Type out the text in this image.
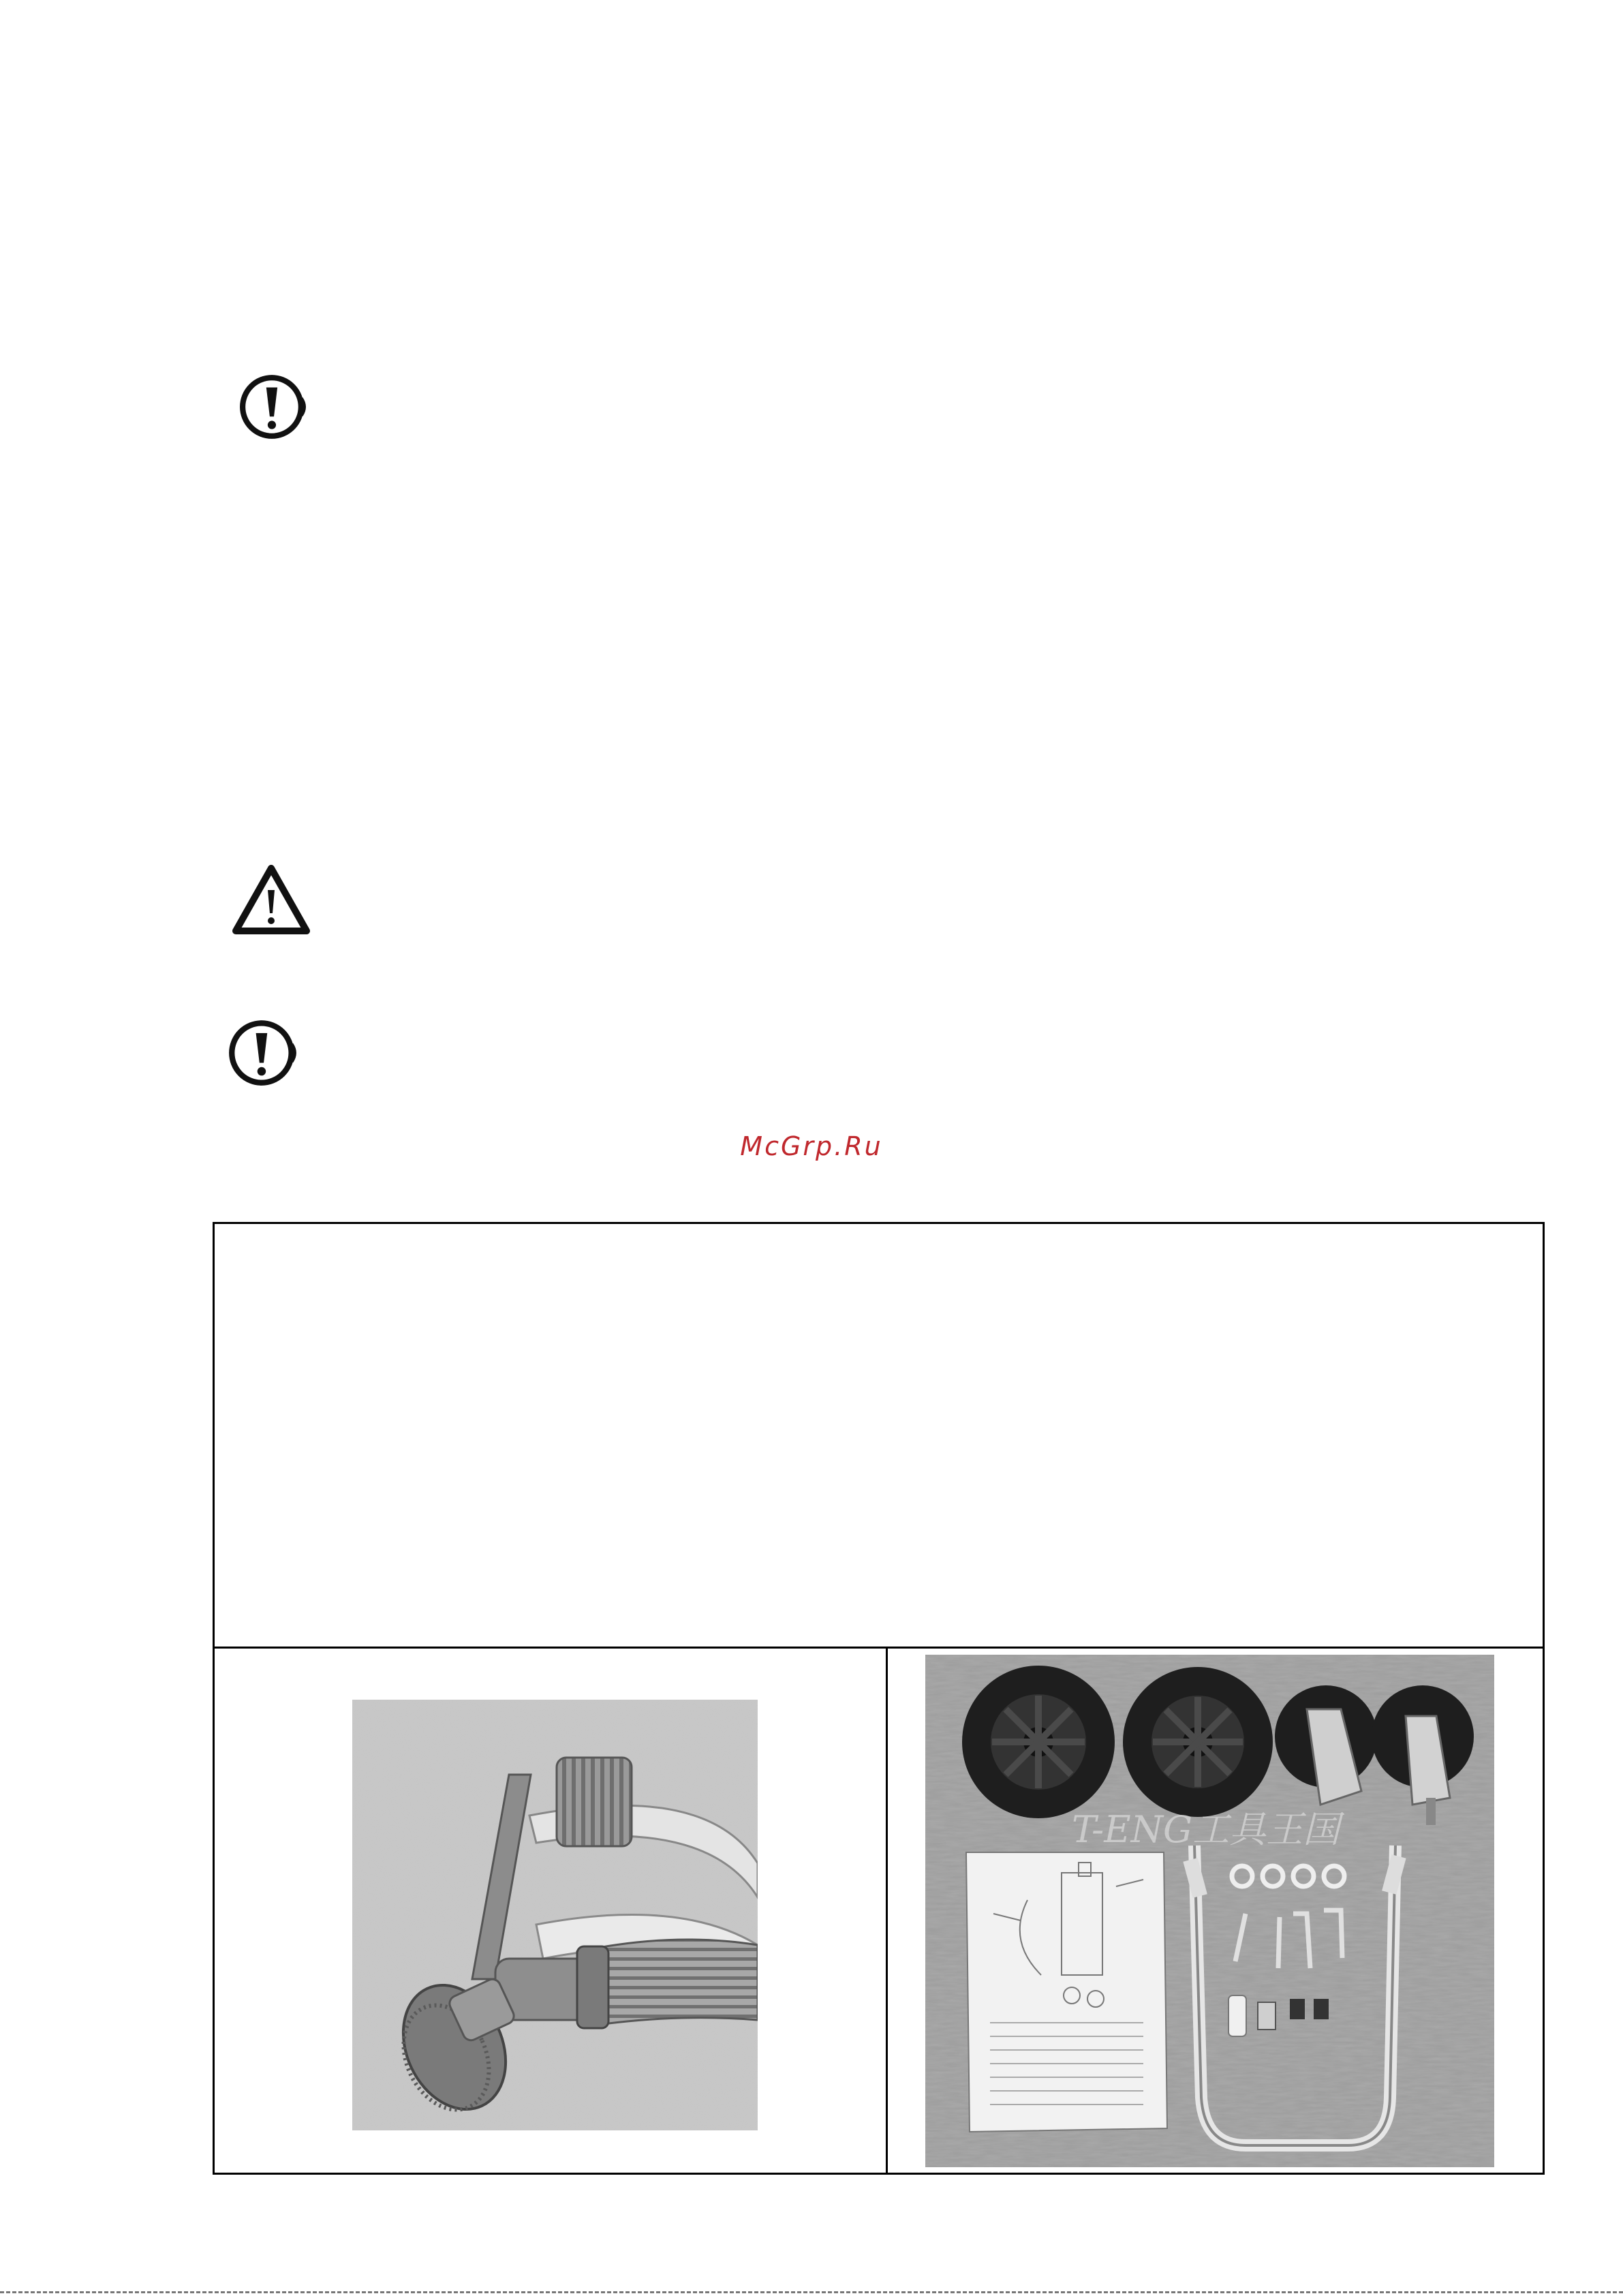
McGrp.Ru
T-ENG工具王国
